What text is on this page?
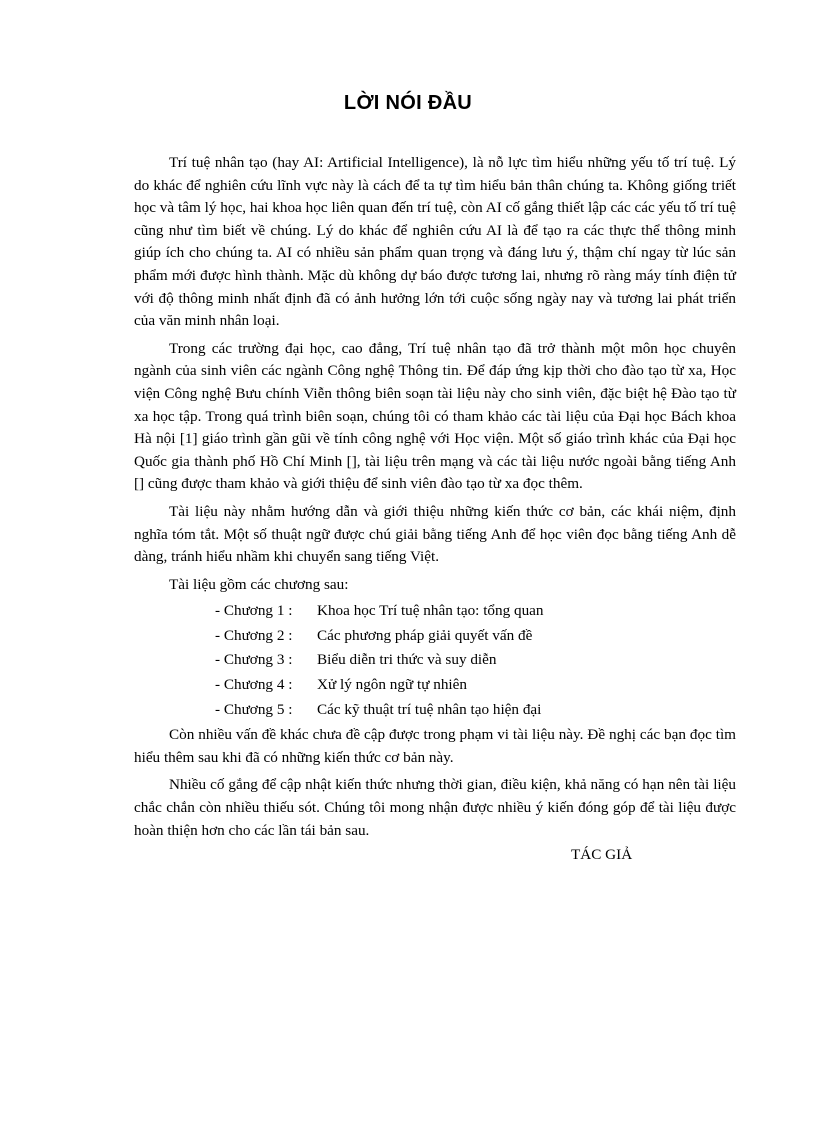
LỜI NÓI ĐẦU

Trí tuệ nhân tạo (hay AI: Artificial Intelligence), là nỗ lực tìm hiểu những yếu tố trí tuệ. Lý do khác để nghiên cứu lĩnh vực này là cách để ta tự tìm hiểu bản thân chúng ta. Không giống triết học và tâm lý học, hai khoa học liên quan đến trí tuệ, còn AI cố gắng thiết lập các các yếu tố trí tuệ cũng như tìm biết về chúng. Lý do khác để nghiên cứu AI là để tạo ra các thực thể thông minh giúp ích cho chúng ta. AI có nhiều sản phẩm quan trọng và đáng lưu ý, thậm chí ngay từ lúc sản phẩm mới được hình thành. Mặc dù không dự báo được tương lai, nhưng rõ ràng máy tính điện tử với độ thông minh nhất định đã có ảnh hưởng lớn tới cuộc sống ngày nay và tương lai phát triển của văn minh nhân loại.

Trong các trường đại học, cao đẳng, Trí tuệ nhân tạo đã trở thành một môn học chuyên ngành của sinh viên các ngành Công nghệ Thông tin. Để đáp ứng kịp thời cho đào tạo từ xa, Học viện Công nghệ Bưu chính Viễn thông biên soạn tài liệu này cho sinh viên, đặc biệt hệ Đào tạo từ xa học tập. Trong quá trình biên soạn, chúng tôi có tham khảo các tài liệu của Đại học Bách khoa Hà nội [1] giáo trình gần gũi về tính công nghệ với Học viện. Một số giáo trình khác của Đại học Quốc gia thành phố Hồ Chí Minh [], tài liệu trên mạng và các tài liệu nước ngoài bằng tiếng Anh [] cũng được tham khảo và giới thiệu để sinh viên đào tạo từ xa đọc thêm.

Tài liệu này nhằm hướng dẫn và giới thiệu những kiến thức cơ bản, các khái niệm, định nghĩa tóm tắt. Một số thuật ngữ được chú giải bằng tiếng Anh để học viên đọc bằng tiếng Anh dễ dàng, tránh hiểu nhầm khi chuyển sang tiếng Việt.

Tài liệu gồm các chương sau:

- Chương 1 : Khoa học Trí tuệ nhân tạo: tổng quan
- Chương 2 : Các phương pháp giải quyết vấn đề
- Chương 3 : Biểu diễn tri thức và suy diễn
- Chương 4 : Xử lý ngôn ngữ tự nhiên
- Chương 5 : Các kỹ thuật trí tuệ nhân tạo hiện đại

Còn nhiều vấn đề khác chưa đề cập được trong phạm vi tài liệu này. Đề nghị các bạn đọc tìm hiểu thêm sau khi đã có những kiến thức cơ bản này.

Nhiều cố gắng để cập nhật kiến thức nhưng thời gian, điều kiện, khả năng có hạn nên tài liệu chắc chắn còn nhiều thiếu sót. Chúng tôi mong nhận được nhiều ý kiến đóng góp để tài liệu được hoàn thiện hơn cho các lần tái bản sau.

TÁC GIẢ
